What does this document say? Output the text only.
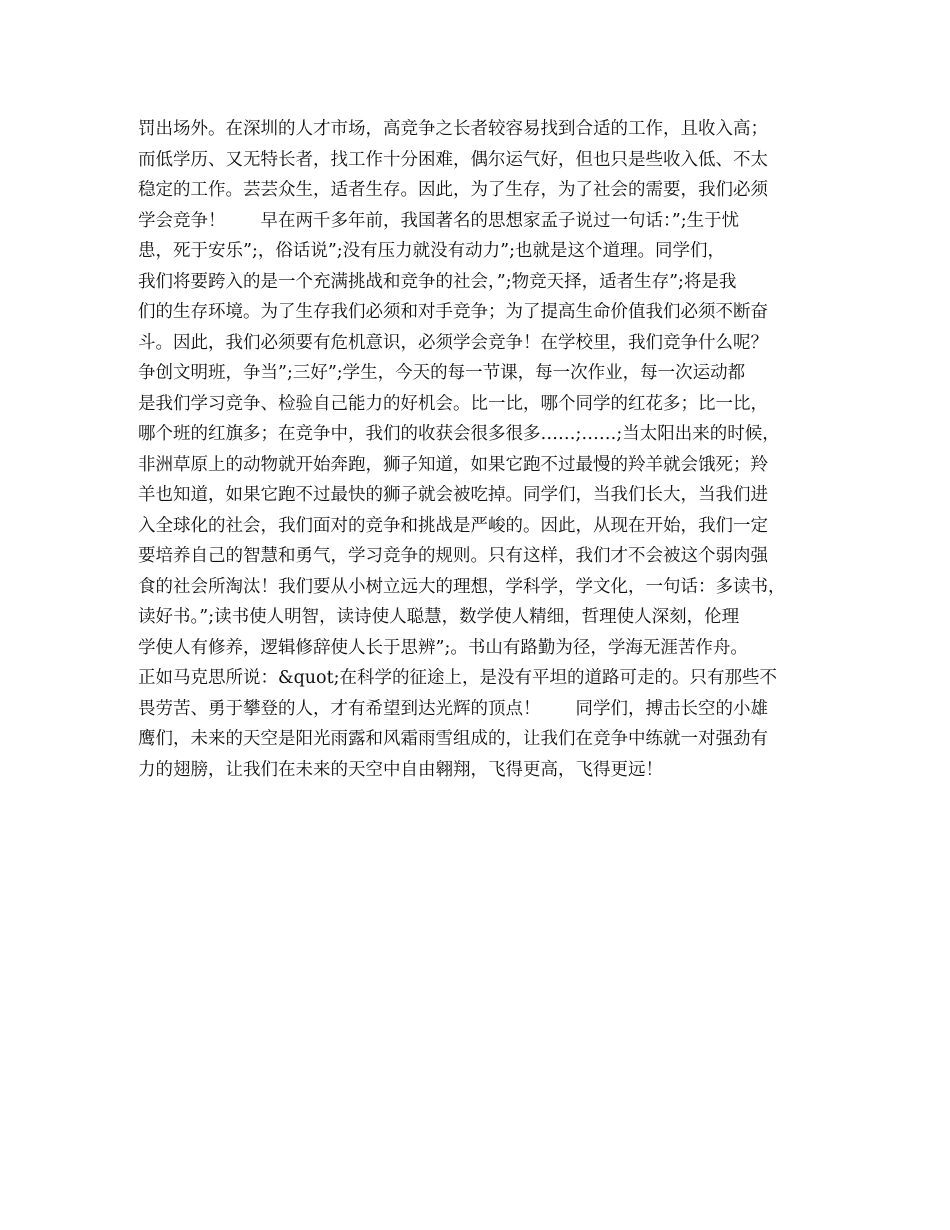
罚出场外。在深圳的人才市场，高竞争之长者较容易找到合适的工作，且收入高；
而低学历、又无特长者，找工作十分困难，偶尔运气好，但也只是些收入低、不太
稳定的工作。芸芸众生，适者生存。因此，为了生存，为了社会的需要，我们必须
学会竞争！　　早在两千多年前，我国著名的思想家孟子说过一句话：”;生于忧
患，死于安乐”;，俗话说”;没有压力就没有动力”;也就是这个道理。同学们，
我们将要跨入的是一个充满挑战和竞争的社会，”;物竞天择，适者生存”;将是我
们的生存环境。为了生存我们必须和对手竞争；为了提高生命价值我们必须不断奋
斗。因此，我们必须要有危机意识，必须学会竞争！在学校里，我们竞争什么呢？
争创文明班，争当”;三好”;学生，今天的每一节课，每一次作业，每一次运动都
是我们学习竞争、检验自己能力的好机会。比一比，哪个同学的红花多；比一比，
哪个班的红旗多；在竞争中，我们的收获会很多很多……;……;当太阳出来的时候，
非洲草原上的动物就开始奔跑，狮子知道，如果它跑不过最慢的羚羊就会饿死；羚
羊也知道，如果它跑不过最快的狮子就会被吃掉。同学们，当我们长大，当我们进
入全球化的社会，我们面对的竞争和挑战是严峻的。因此，从现在开始，我们一定
要培养自己的智慧和勇气，学习竞争的规则。只有这样，我们才不会被这个弱肉强
食的社会所淘汰！我们要从小树立远大的理想，学科学，学文化，一句话：多读书，
读好书。”;读书使人明智，读诗使人聪慧，数学使人精细，哲理使人深刻，伦理
学使人有修养，逻辑修辞使人长于思辨”;。书山有路勤为径，学海无涯苦作舟。
正如马克思所说：&quot;在科学的征途上，是没有平坦的道路可走的。只有那些不
畏劳苦、勇于攀登的人，才有希望到达光辉的顶点！　　同学们，搏击长空的小雄
鹰们，未来的天空是阳光雨露和风霜雨雪组成的，让我们在竞争中练就一对强劲有
力的翅膀，让我们在未来的天空中自由翱翔，飞得更高，飞得更远！
